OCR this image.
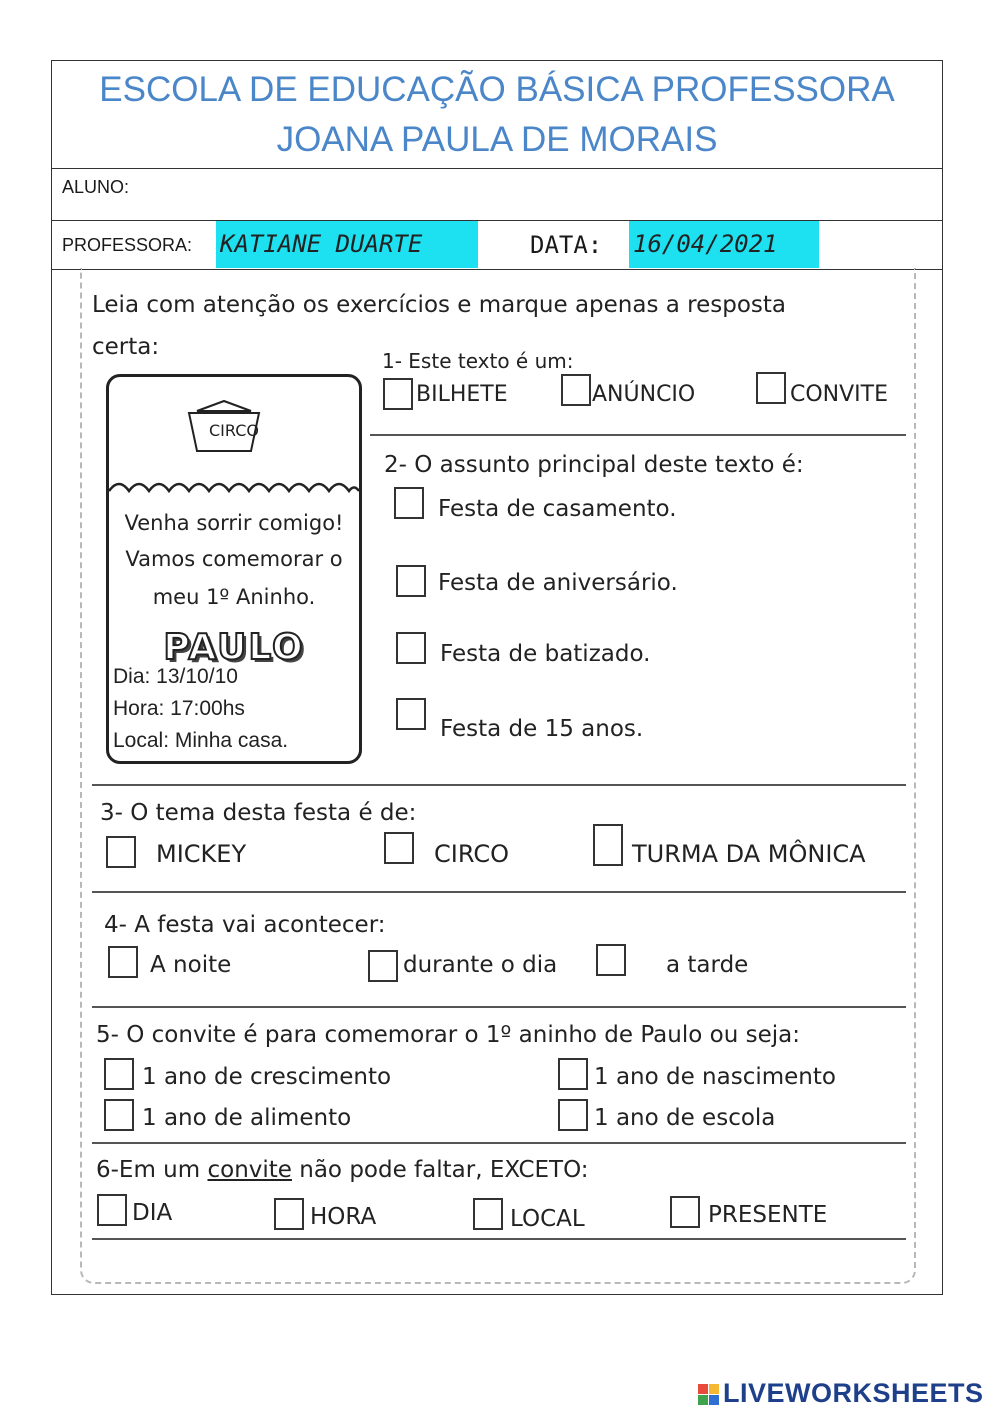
ESCOLA DE EDUCAÇÃO BÁSICA PROFESSORA
JOANA PAULA DE MORAIS
ALUNO:
PROFESSORA: KATIANE DUARTE	DATA: 16/04/2021
Leia com atenção os exercícios e marque apenas a resposta
certa:
CIRCO
Venha sorrir comigo!
Vamos comemorar o
meu 1º Aninho.
PAULO
Dia: 13/10/10
Hora: 17:00hs
Local: Minha casa.
1- Este texto é um:
BILHETE	ANÚNCIO	CONVITE
2- O assunto principal deste texto é:
Festa de casamento.
Festa de aniversário.
Festa de batizado.
Festa de 15 anos.
3- O tema desta festa é de:
MICKEY	CIRCO	TURMA DA MÔNICA
4- A festa vai acontecer:
A noite	durante o dia	a tarde
5- O convite é para comemorar o 1º aninho de Paulo ou seja:
1 ano de crescimento	1 ano de nascimento
1 ano de alimento	1 ano de escola
6-Em um convite não pode faltar, EXCETO:
DIA	HORA	LOCAL	PRESENTE
LIVEWORKSHEETS
